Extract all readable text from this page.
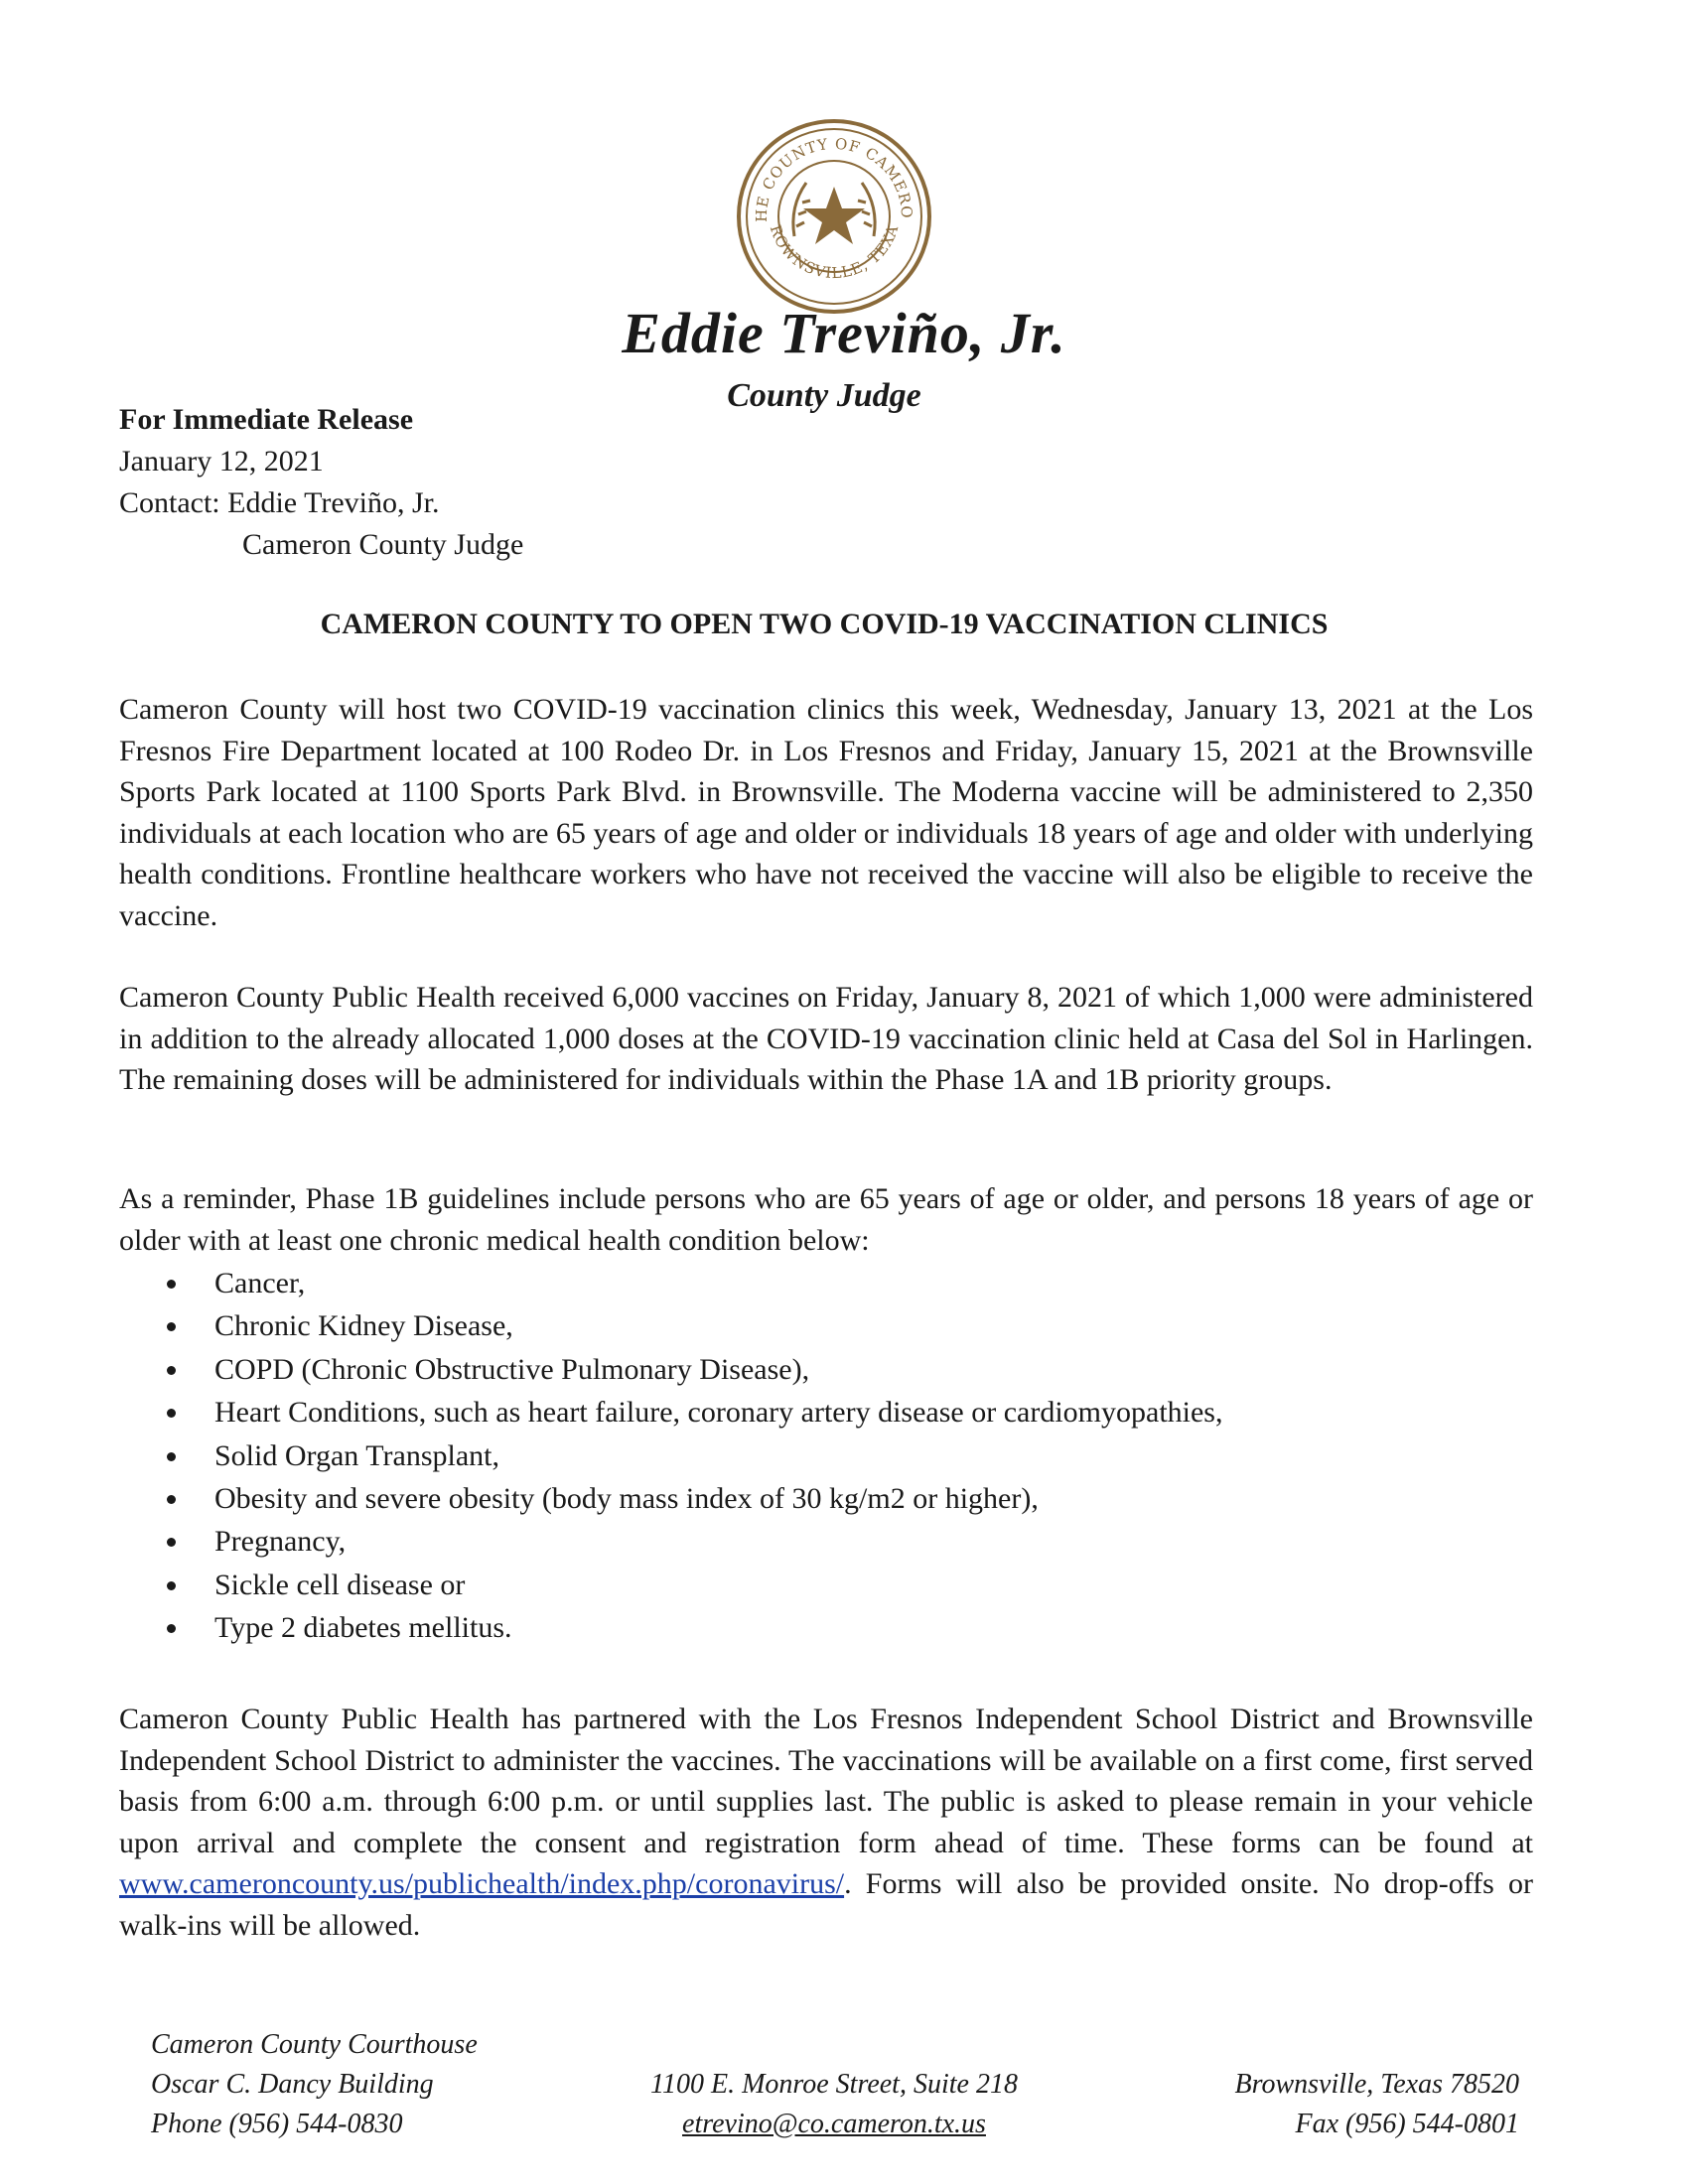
HE COUNTY OF CAMERO
ROWNSVILLE, TEXA
Eddie Treviño, Jr.
County Judge
For Immediate Release
January 12, 2021
Contact: Eddie Treviño, Jr.
Cameron County Judge
CAMERON COUNTY TO OPEN TWO COVID-19 VACCINATION CLINICS

Cameron County will host two COVID-19 vaccination clinics this week, Wednesday, January 13, 2021 at the Los Fresnos Fire Department located at 100 Rodeo Dr. in Los Fresnos and Friday, January 15, 2021 at the Brownsville Sports Park located at 1100 Sports Park Blvd. in Brownsville. The Moderna vaccine will be administered to 2,350 individuals at each location who are 65 years of age and older or individuals 18 years of age and older with underlying health conditions. Frontline healthcare workers who have not received the vaccine will also be eligible to receive the vaccine.

Cameron County Public Health received 6,000 vaccines on Friday, January 8, 2021 of which 1,000 were administered in addition to the already allocated 1,000 doses at the COVID-19 vaccination clinic held at Casa del Sol in Harlingen. The remaining doses will be administered for individuals within the Phase 1A and 1B priority groups.

As a reminder, Phase 1B guidelines include persons who are 65 years of age or older, and persons 18 years of age or older with at least one chronic medical health condition below:

Cancer,
Chronic Kidney Disease,
COPD (Chronic Obstructive Pulmonary Disease),
Heart Conditions, such as heart failure, coronary artery disease or cardiomyopathies,
Solid Organ Transplant,
Obesity and severe obesity (body mass index of 30 kg/m2 or higher),
Pregnancy,
Sickle cell disease or
Type 2 diabetes mellitus.

Cameron County Public Health has partnered with the Los Fresnos Independent School District and Brownsville Independent School District to administer the vaccines. The vaccinations will be available on a first come, first served basis from 6:00 a.m. through 6:00 p.m. or until supplies last. The public is asked to please remain in your vehicle upon arrival and complete the consent and registration form ahead of time. These forms can be found at www.cameroncounty.us/publichealth/index.php/coronavirus/. Forms will also be provided onsite. No drop-offs or walk-ins will be allowed.

Cameron County Courthouse
Oscar C. Dancy Building
Phone (956) 544-0830
1100 E. Monroe Street, Suite 218
etrevino@co.cameron.tx.us
Brownsville, Texas 78520
Fax (956) 544-0801
